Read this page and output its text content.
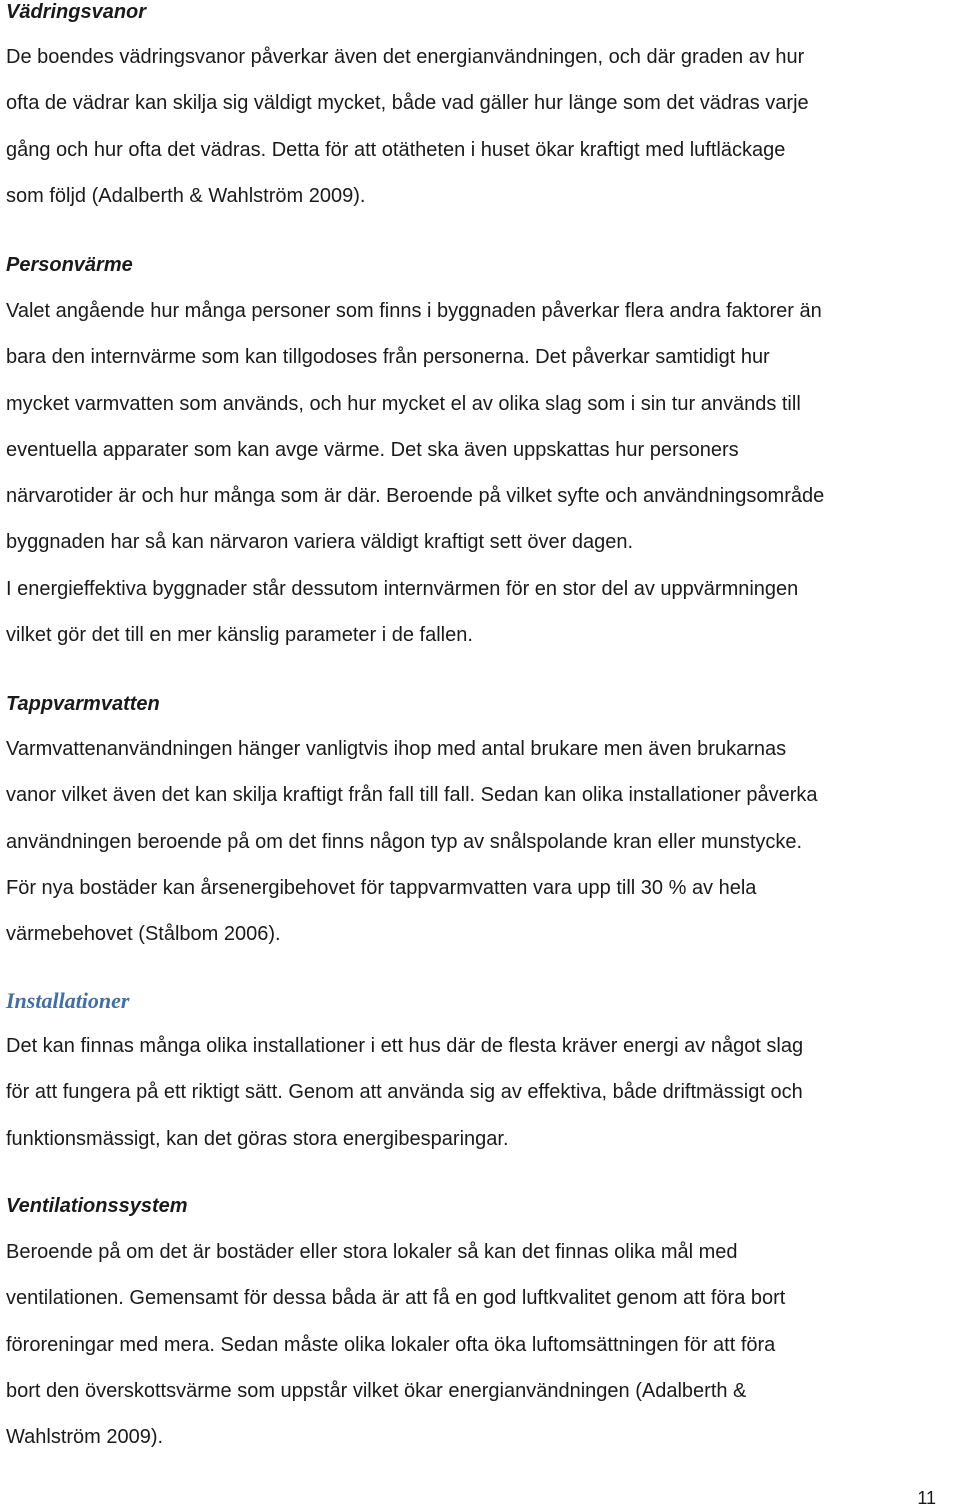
Vädringsvanor

De boendes vädringsvanor påverkar även det energianvändningen, och där graden av hur
ofta de vädrar kan skilja sig väldigt mycket, både vad gäller hur länge som det vädras varje
gång och hur ofta det vädras. Detta för att otätheten i huset ökar kraftigt med luftläckage
som följd (Adalberth & Wahlström 2009).

Personvärme

Valet angående hur många personer som finns i byggnaden påverkar flera andra faktorer än
bara den internvärme som kan tillgodoses från personerna. Det påverkar samtidigt hur
mycket varmvatten som används, och hur mycket el av olika slag som i sin tur används till
eventuella apparater som kan avge värme. Det ska även uppskattas hur personers
närvarotider är och hur många som är där. Beroende på vilket syfte och användningsområde
byggnaden har så kan närvaron variera väldigt kraftigt sett över dagen.
I energieffektiva byggnader står dessutom internvärmen för en stor del av uppvärmningen
vilket gör det till en mer känslig parameter i de fallen.

Tappvarmvatten

Varmvattenanvändningen hänger vanligtvis ihop med antal brukare men även brukarnas
vanor vilket även det kan skilja kraftigt från fall till fall. Sedan kan olika installationer påverka
användningen beroende på om det finns någon typ av snålspolande kran eller munstycke.
För nya bostäder kan årsenergibehovet för tappvarmvatten vara upp till 30 % av hela
värmebehovet (Stålbom 2006).

Installationer

Det kan finnas många olika installationer i ett hus där de flesta kräver energi av något slag
för att fungera på ett riktigt sätt. Genom att använda sig av effektiva, både driftmässigt och
funktionsmässigt, kan det göras stora energibesparingar.

Ventilationssystem

Beroende på om det är bostäder eller stora lokaler så kan det finnas olika mål med
ventilationen. Gemensamt för dessa båda är att få en god luftkvalitet genom att föra bort
föroreningar med mera. Sedan måste olika lokaler ofta öka luftomsättningen för att föra
bort den överskottsvärme som uppstår vilket ökar energianvändningen (Adalberth &
Wahlström 2009).

11
